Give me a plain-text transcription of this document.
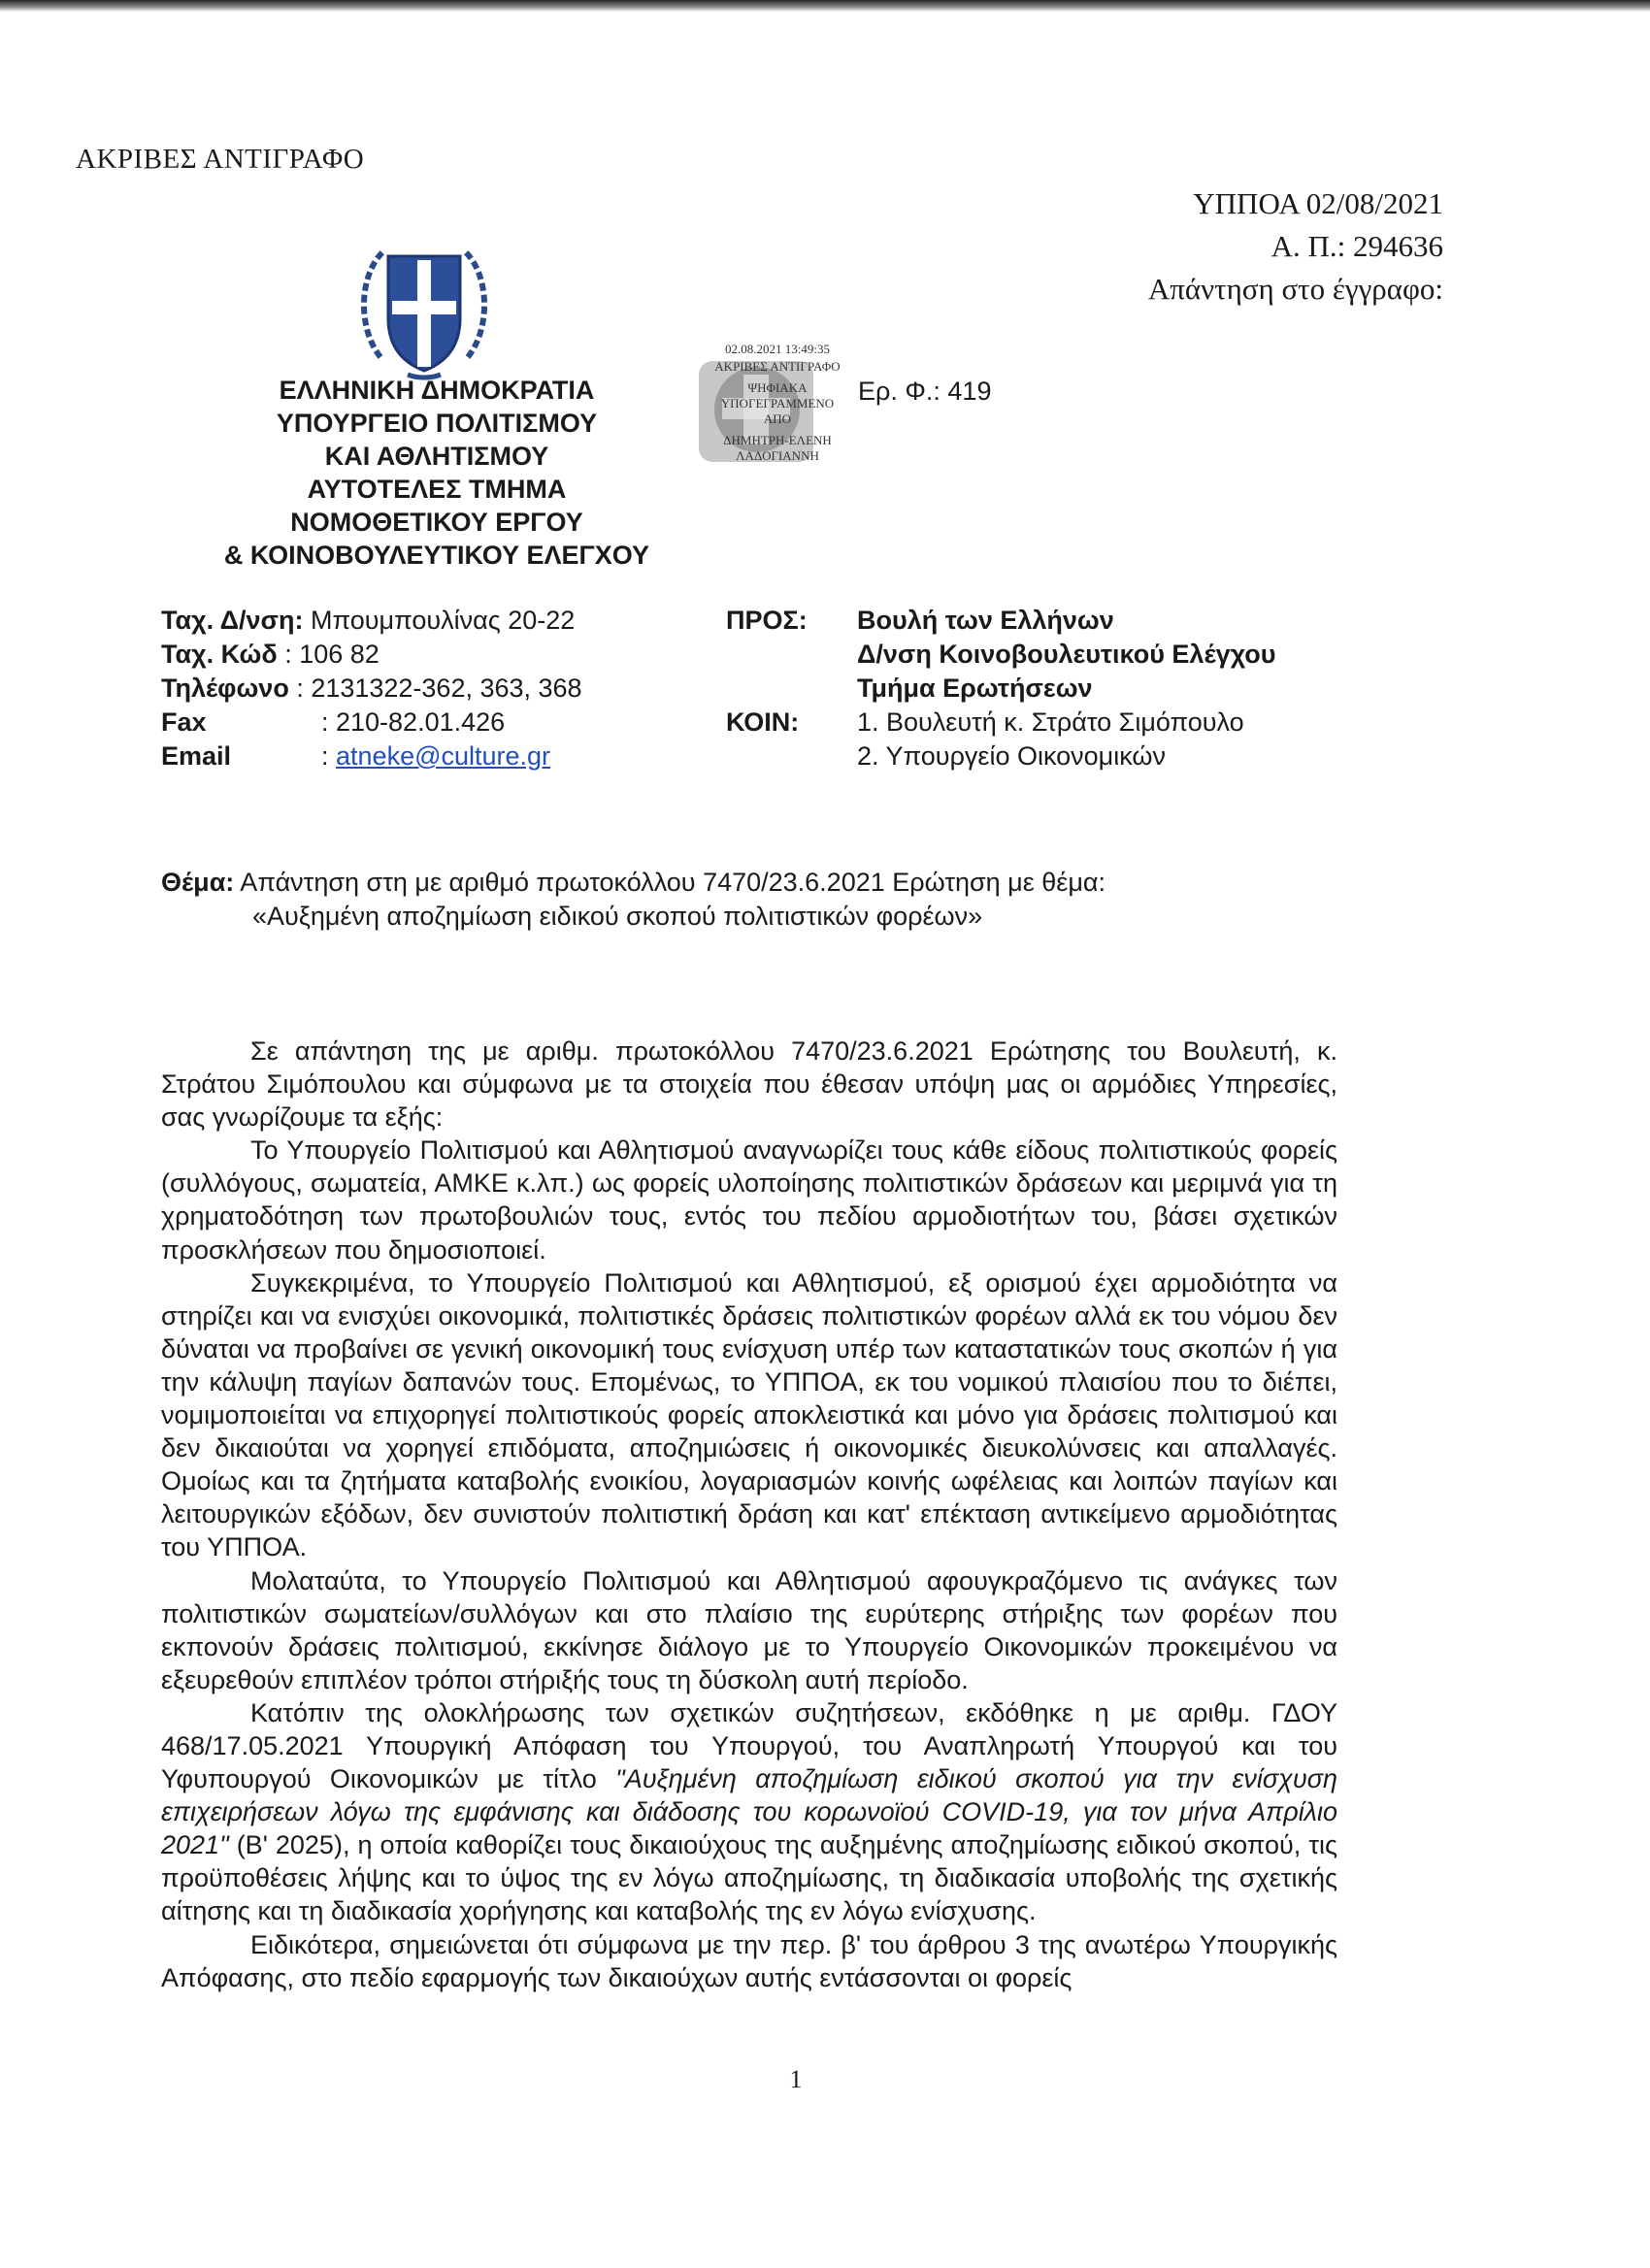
ΑΚΡΙΒΕΣ ΑΝΤΙΓΡΑΦΟ
ΥΠΠΟΑ 02/08/2021
Α. Π.: 294636
Απάντηση στο έγγραφο:
ΕΛΛΗΝΙΚΗ ΔΗΜΟΚΡΑΤΙΑ
ΥΠΟΥΡΓΕΙΟ ΠΟΛΙΤΙΣΜΟΥ
ΚΑΙ ΑΘΛΗΤΙΣΜΟΥ
ΑΥΤΟΤΕΛΕΣ ΤΜΗΜΑ
ΝΟΜΟΘΕΤΙΚΟΥ ΕΡΓΟΥ
& ΚΟΙΝΟΒΟΥΛΕΥΤΙΚΟΥ ΕΛΕΓΧΟΥ
02.08.2021 13:49:35
ΑΚΡΙΒΕΣ ΑΝΤΙΓΡΑΦΟ
ΨΗΦΙΑΚΑ
ΥΠΟΓΕΓΡΑΜΜΕΝΟ
ΑΠΟ
ΔΗΜΗΤΡΗ-ΕΛΕΝΗ
ΛΑΔΟΓΙΑΝΝΗ
Ερ. Φ.: 419
Ταχ. Δ/νση: Μπουμπουλίνας 20-22
Ταχ. Κώδ : 106 82
Τηλέφωνο : 2131322-362, 363, 368
Fax	: 210-82.01.426
Email	: atneke@culture.gr
ΠΡΟΣ:	Βουλή των Ελλήνων
Δ/νση Κοινοβουλευτικού Ελέγχου
Τμήμα Ερωτήσεων
ΚΟΙΝ:	1. Βουλευτή κ. Στράτο Σιμόπουλο
2. Υπουργείο Οικονομικών
Θέμα: Απάντηση στη με αριθμό πρωτοκόλλου 7470/23.6.2021 Ερώτηση με θέμα:
«Αυξημένη αποζημίωση ειδικού σκοπού πολιτιστικών φορέων»

Σε απάντηση της με αριθμ. πρωτοκόλλου 7470/23.6.2021 Ερώτησης του Βουλευτή, κ. Στράτου Σιμόπουλου και σύμφωνα με τα στοιχεία που έθεσαν υπόψη μας οι αρμόδιες Υπηρεσίες, σας γνωρίζουμε τα εξής:

Το Υπουργείο Πολιτισμού και Αθλητισμού αναγνωρίζει τους κάθε είδους πολιτιστικούς φορείς (συλλόγους, σωματεία, ΑΜΚΕ κ.λπ.) ως φορείς υλοποίησης πολιτιστικών δράσεων και μεριμνά για τη χρηματοδότηση των πρωτοβουλιών τους, εντός του πεδίου αρμοδιοτήτων του, βάσει σχετικών προσκλήσεων που δημοσιοποιεί.

Συγκεκριμένα, το Υπουργείο Πολιτισμού και Αθλητισμού, εξ ορισμού έχει αρμοδιότητα να στηρίζει και να ενισχύει οικονομικά, πολιτιστικές δράσεις πολιτιστικών φορέων αλλά εκ του νόμου δεν δύναται να προβαίνει σε γενική οικονομική τους ενίσχυση υπέρ των καταστατικών τους σκοπών ή για την κάλυψη παγίων δαπανών τους. Επομένως, το ΥΠΠΟΑ, εκ του νομικού πλαισίου που το διέπει, νομιμοποιείται να επιχορηγεί πολιτιστικούς φορείς αποκλειστικά και μόνο για δράσεις πολιτισμού και δεν δικαιούται να χορηγεί επιδόματα, αποζημιώσεις ή οικονομικές διευκολύνσεις και απαλλαγές. Ομοίως και τα ζητήματα καταβολής ενοικίου, λογαριασμών κοινής ωφέλειας και λοιπών παγίων και λειτουργικών εξόδων, δεν συνιστούν πολιτιστική δράση και κατ' επέκταση αντικείμενο αρμοδιότητας του ΥΠΠΟΑ.

Μολαταύτα, το Υπουργείο Πολιτισμού και Αθλητισμού αφουγκραζόμενο τις ανάγκες των πολιτιστικών σωματείων/συλλόγων και στο πλαίσιο της ευρύτερης στήριξης των φορέων που εκπονούν δράσεις πολιτισμού, εκκίνησε διάλογο με το Υπουργείο Οικονομικών προκειμένου να εξευρεθούν επιπλέον τρόποι στήριξής τους τη δύσκολη αυτή περίοδο.

Κατόπιν της ολοκλήρωσης των σχετικών συζητήσεων, εκδόθηκε η με αριθμ. ΓΔΟΥ 468/17.05.2021 Υπουργική Απόφαση του Υπουργού, του Αναπληρωτή Υπουργού και του Υφυπουργού Οικονομικών με τίτλο "Αυξημένη αποζημίωση ειδικού σκοπού για την ενίσχυση επιχειρήσεων λόγω της εμφάνισης και διάδοσης του κορωνοϊού COVID-19, για τον μήνα Απρίλιο 2021" (Β' 2025), η οποία καθορίζει τους δικαιούχους της αυξημένης αποζημίωσης ειδικού σκοπού, τις προϋποθέσεις λήψης και το ύψος της εν λόγω αποζημίωσης, τη διαδικασία υποβολής της σχετικής αίτησης και τη διαδικασία χορήγησης και καταβολής της εν λόγω ενίσχυσης.

Ειδικότερα, σημειώνεται ότι σύμφωνα με την περ. β' του άρθρου 3 της ανωτέρω Υπουργικής Απόφασης, στο πεδίο εφαρμογής των δικαιούχων αυτής εντάσσονται οι φορείς

1
